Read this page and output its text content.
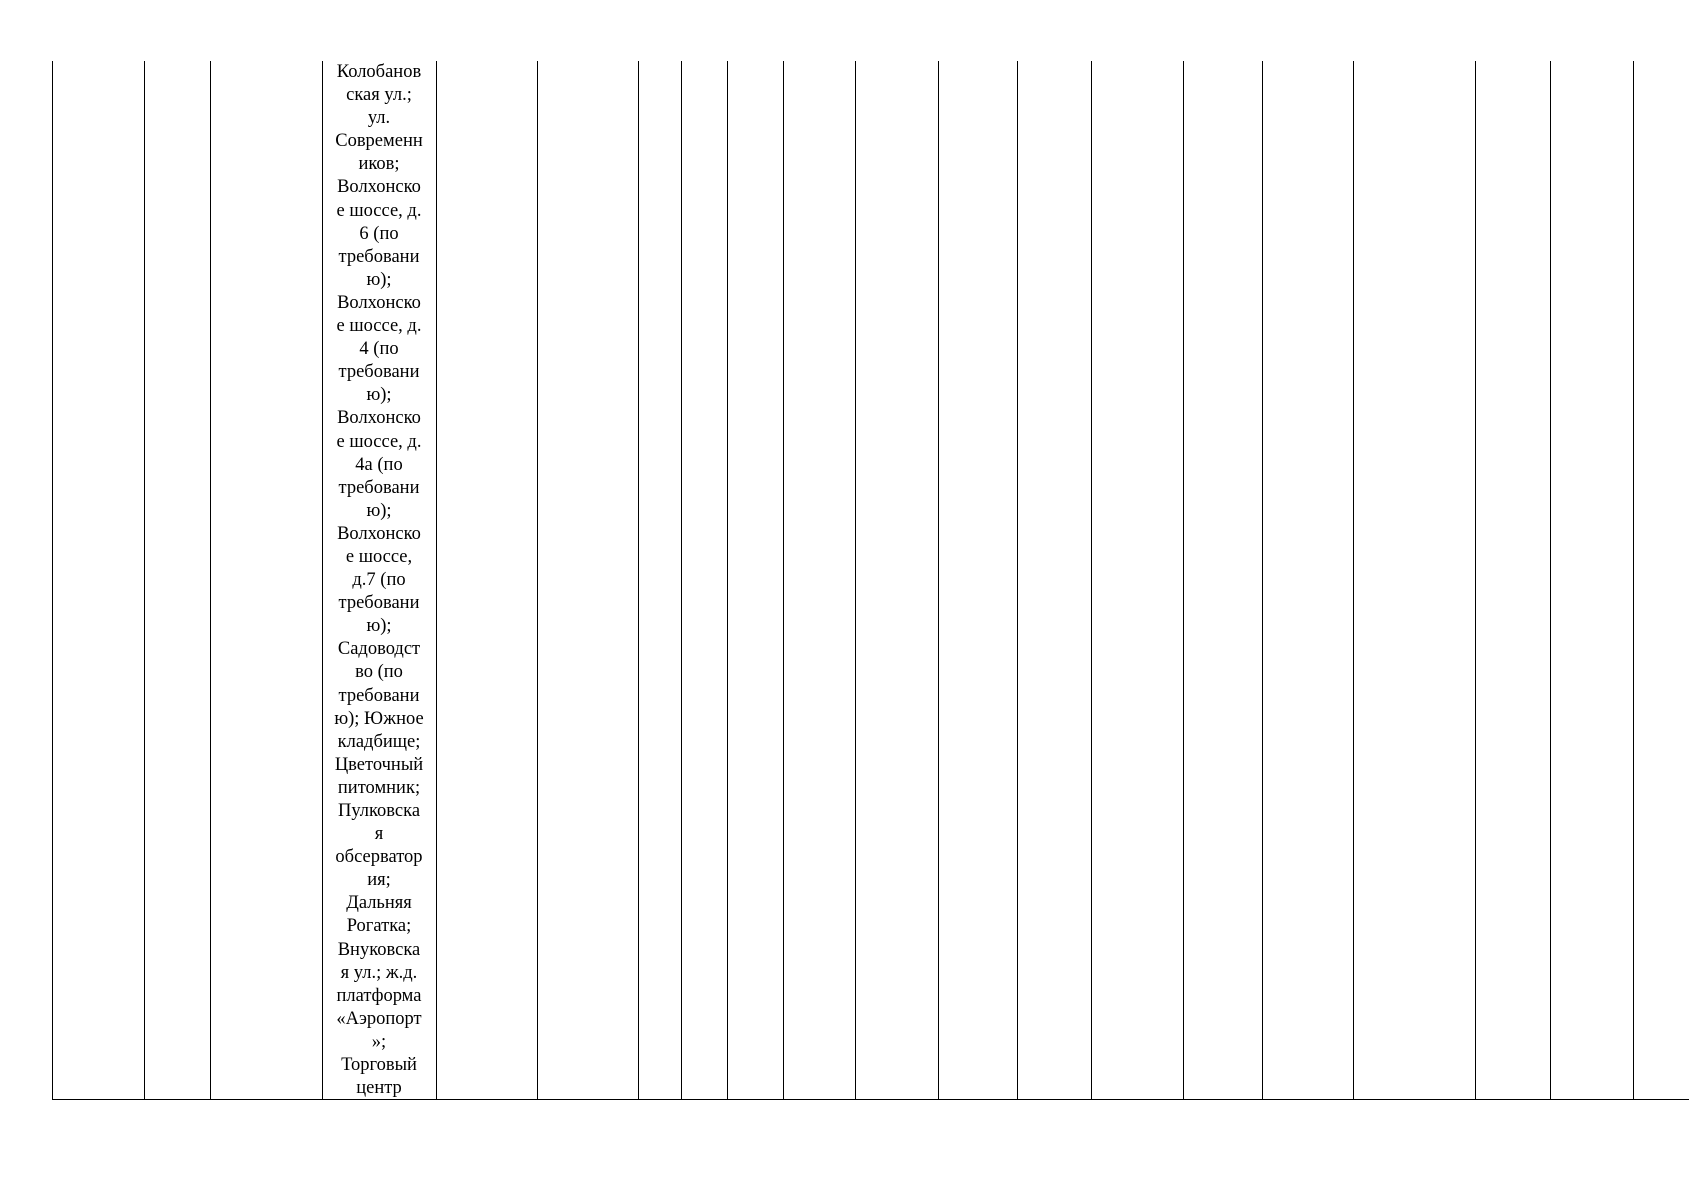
Колобанов
ская ул.;
ул.
Современн
иков;
Волхонско
е шоссе, д.
6 (по
требовани
ю);
Волхонско
е шоссе, д.
4 (по
требовани
ю);
Волхонско
е шоссе, д.
4а (по
требовани
ю);
Волхонско
е шоссе,
д.7 (по
требовани
ю);
Садоводст
во (по
требовани
ю); Южное
кладбище;
Цветочный
питомник;
Пулковска
я
обсерватор
ия;
Дальняя
Рогатка;
Внуковска
я ул.; ж.д.
платформа
«Аэропорт
»;
Торговый
центр
